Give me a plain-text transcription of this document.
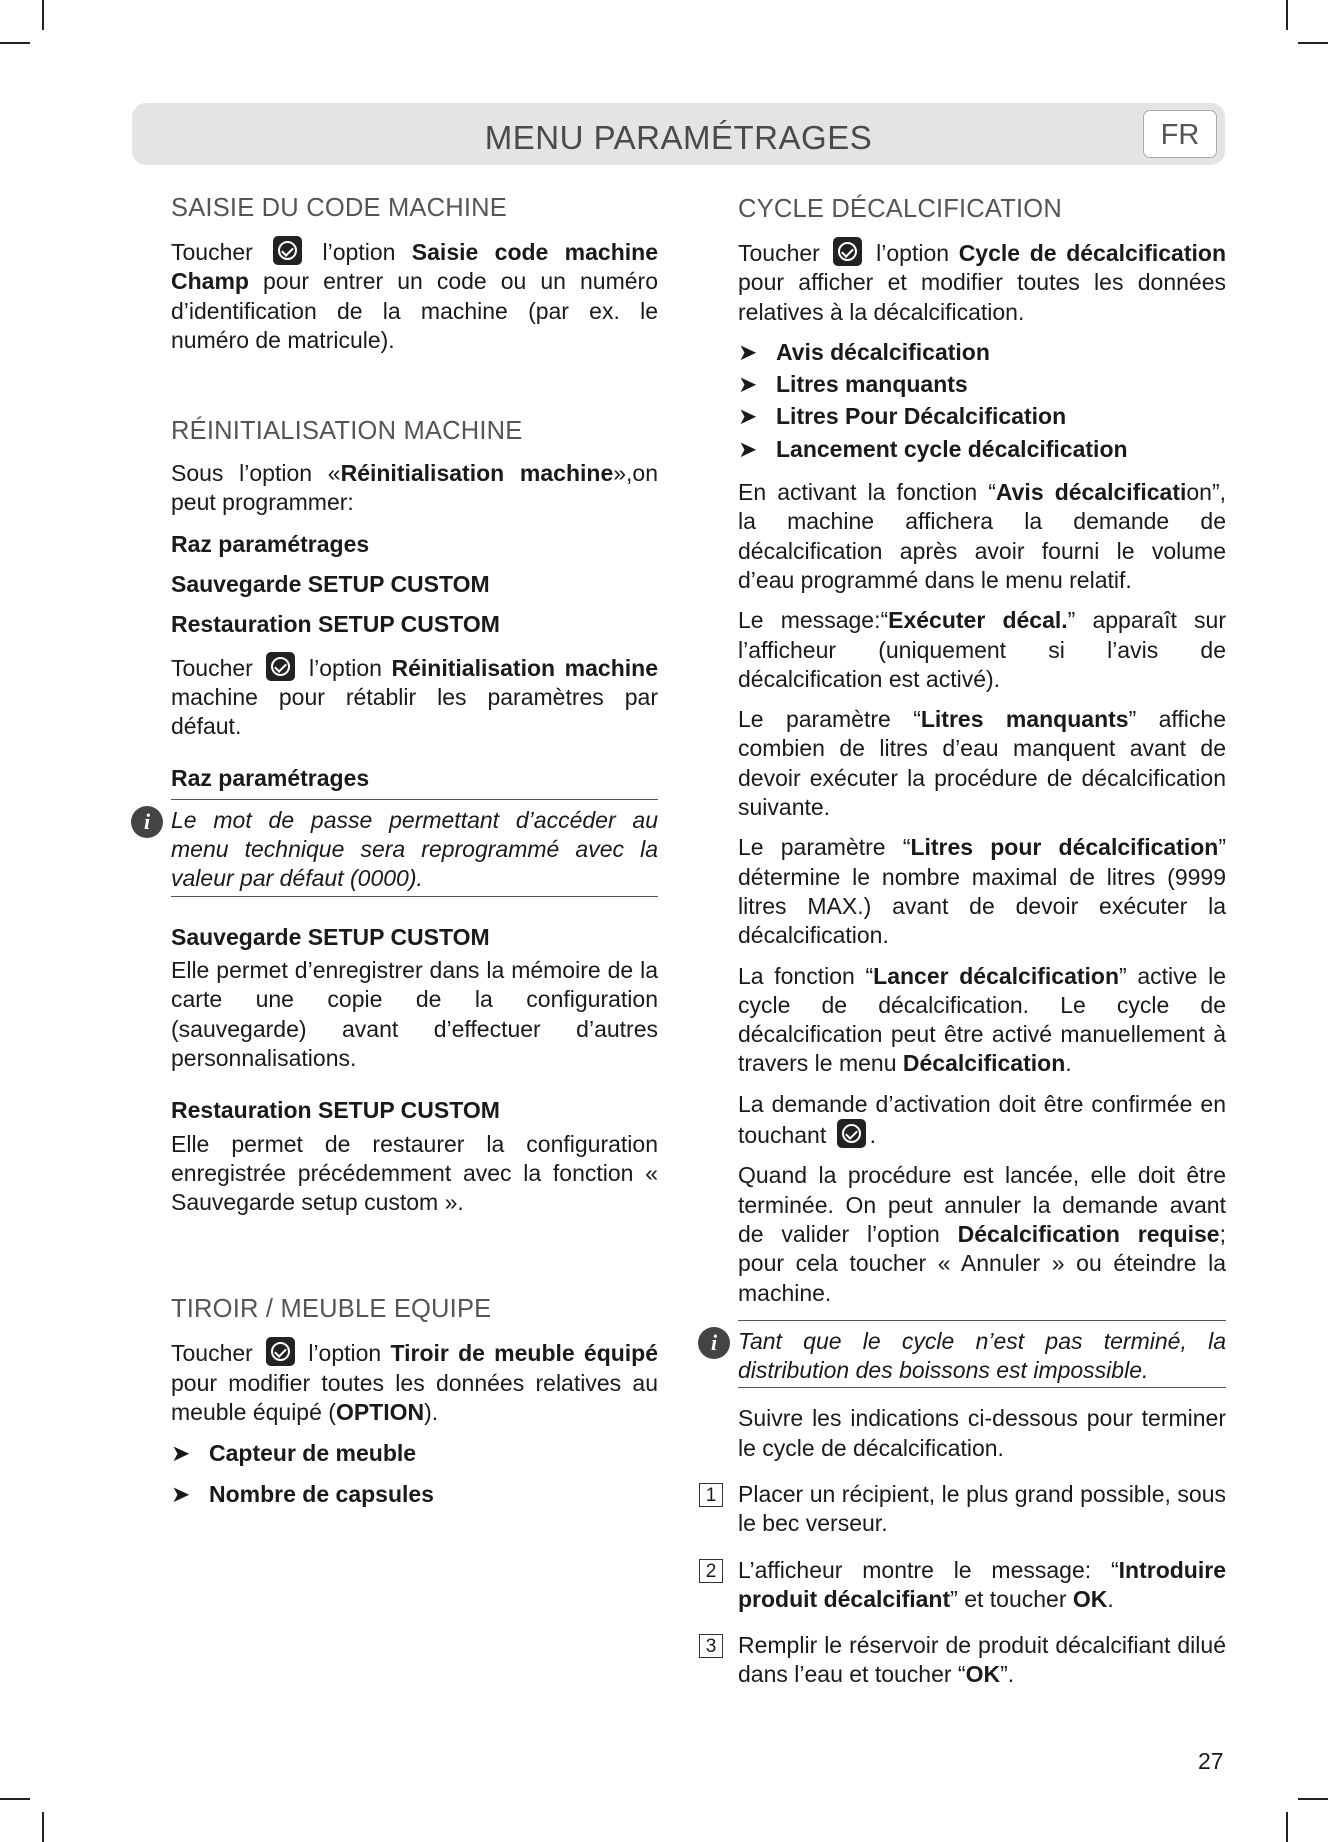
MENU PARAMÉTRAGES	FR
SAISIE DU CODE MACHINE

Toucher	l’option Saisie code machine Champ pour entrer un code ou un numéro d’identification de la machine (par ex. le numéro de matricule).

RÉINITIALISATION MACHINE

Sous l’option «Réinitialisation machine»,on peut programmer:

Raz paramétrages

Sauvegarde SETUP CUSTOM

Restauration SETUP CUSTOM

Toucher l’option Réinitialisation machine machine pour rétablir les paramètres par défaut.

Raz paramétrages

i Le mot de passe permettant d’accéder au menu technique sera reprogrammé avec la valeur par défaut (0000).

Sauvegarde SETUP CUSTOM

Elle permet d’enregistrer dans la mémoire de la carte une copie de la configuration (sauvegarde) avant d’effectuer d’autres personnalisations.

Restauration SETUP CUSTOM

Elle permet de restaurer la configuration enregistrée précédemment avec la fonction « Sauvegarde setup custom ».

TIROIR / MEUBLE EQUIPE

Toucher l’option Tiroir de meuble équipé pour modifier toutes les données relatives au meuble équipé (OPTION).

➤ Capteur de meuble
➤ Nombre de capsules
CYCLE DÉCALCIFICATION

Toucher l’option Cycle de décalcification pour afficher et modifier toutes les données relatives à la décalcification.

➤ Avis décalcification
➤ Litres manquants
➤ Litres Pour Décalcification
➤ Lancement cycle décalcification

En activant la fonction “Avis décalcification”, la machine affichera la demande de décalcification après avoir fourni le volume d’eau programmé dans le menu relatif.

Le message:“Exécuter décal.” apparaît sur l’afficheur (uniquement si l’avis de décalcification est activé).

Le paramètre “Litres manquants” affiche combien de litres d’eau manquent avant de devoir exécuter la procédure de décalcification suivante.

Le paramètre “Litres pour décalcification” détermine le nombre maximal de litres (9999 litres MAX.) avant de devoir exécuter la décalcification.

La fonction “Lancer décalcification” active le cycle de décalcification. Le cycle de décalcification peut être activé manuellement à travers le menu Décalcification.

La demande d’activation doit être confirmée en touchant .

Quand la procédure est lancée, elle doit être terminée. On peut annuler la demande avant de valider l’option Décalcification requise; pour cela toucher « Annuler » ou éteindre la machine.

i Tant que le cycle n’est pas terminé, la distribution des boissons est impossible.

Suivre les indications ci-dessous pour terminer le cycle de décalcification.

1 Placer un récipient, le plus grand possible, sous le bec verseur.

2 L’afficheur montre le message: “Introduire produit décalcifiant” et toucher OK.

3 Remplir le réservoir de produit décalcifiant dilué dans l’eau et toucher “OK”.

27
